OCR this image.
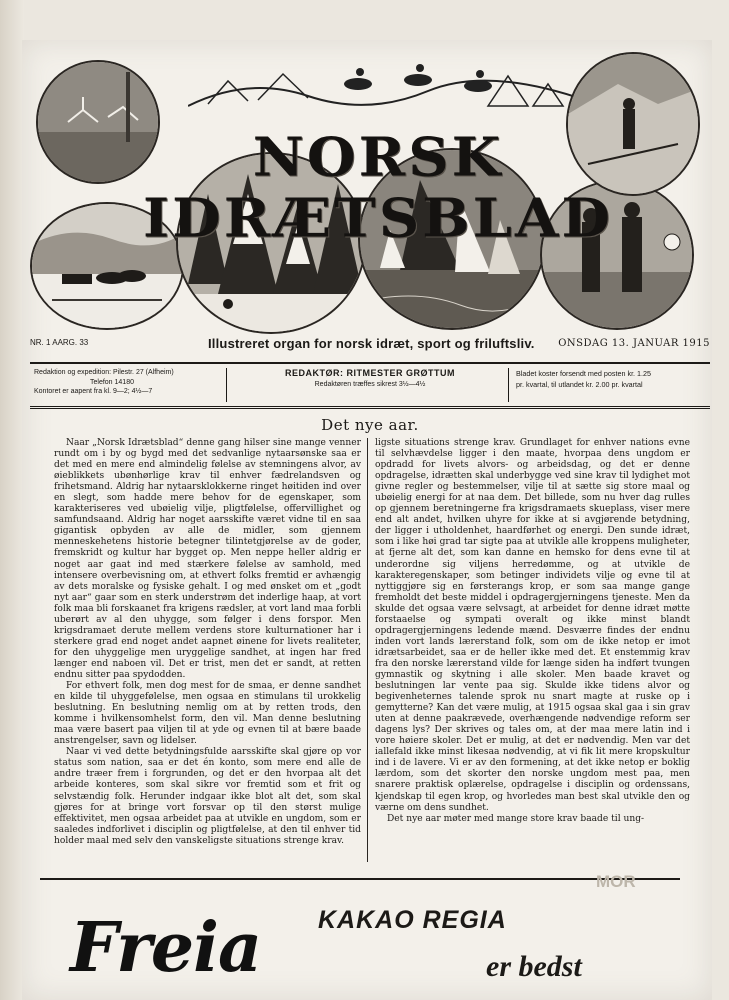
NORSK IDRÆTSBLAD
NR. 1 AARG. 33	Illustreret organ for norsk idræt, sport og friluftsliv. ONSDAG 13. JANUAR 1915
Redaktion og expedition: Pilestr. 27 (Alfheim)
Telefon 14180
Kontoret er aapent fra kl. 9—2; 4½—7
REDAKTØR: RITMESTER GRØTTUM
Redaktøren træffes sikrest 3½—4½
Bladet koster forsendt med posten kr. 1.25
pr. kvartal, til utlandet kr. 2.00 pr. kvartal
Det nye aar.

Naar „Norsk Idrætsblad“ denne gang hilser sine mange venner rundt om i by og bygd med det sedvanlige nytaarsønske saa er det med en mere end almindelig følelse av stemningens alvor, av øieblikkets ubønhørlige krav til enhver fædrelandsven og frihetsmand. Aldrig har nytaarsklokkerne ringet høitiden ind over en slegt, som hadde mere behov for de egenskaper, som karakteriseres ved ubøielig vilje, pligtfølelse, offervillighet og samfundsaand. Aldrig har noget aarsskifte været vidne til en saa gigantisk opbyden av alle de midler, som gjennem menneskehetens historie betegner tilintetgjørelse av de goder, fremskridt og kultur har bygget op. Men neppe heller aldrig er noget aar gaat ind med stærkere følelse av samhold, med intensere overbevisning om, at ethvert folks fremtid er avhængig av dets moralske og fysiske gehalt. I og med ønsket om et „godt nyt aar“ gaar som en sterk understrøm det inderlige haap, at vort folk maa bli forskaanet fra krigens rædsler, at vort land maa forbli uberørt av al den uhygge, som følger i dens forspor. Men krigsdramaet derute mellem verdens store kulturnationer har i sterkere grad end noget andet aapnet øinene for livets realiteter, for den uhyggelige men uryggelige sandhet, at ingen har fred længer end naboen vil. Det er trist, men det er sandt, at retten endnu sitter paa spydodden.

For ethvert folk, men dog mest for de smaa, er denne sandhet en kilde til uhyggefølelse, men ogsaa en stimulans til urokkelig beslutning. En beslutning nemlig om at by retten trods, den komme i hvilkensomhelst form, den vil. Man denne beslutning maa være basert paa viljen til at yde og evnen til at bære baade anstrengelser, savn og lidelser.

Naar vi ved dette betydningsfulde aarsskifte skal gjøre op vor status som nation, saa er det én konto, som mere end alle de andre træer frem i forgrunden, og det er den hvorpaa alt det arbeide konteres, som skal sikre vor fremtid som et frit og selvstændig folk. Herunder indgaar ikke blot alt det, som skal gjøres for at bringe vort forsvar op til den størst mulige effektivitet, men ogsaa arbeidet paa at utvikle en ungdom, som er saaledes indforlivet i disciplin og pligtfølelse, at den til enhver tid holder maal med selv den vanskeligste situations strenge krav.

ligste situations strenge krav. Grundlaget for enhver nations evne til selvhævdelse ligger i den maate, hvorpaa dens ungdom er opdradd for livets alvors- og arbeidsdag, og det er denne opdragelse, idrætten skal underbygge ved sine krav til lydighet mot givne regler og bestemmelser, vilje til at sætte sig store maal og ubøielig energi for at naa dem. Det billede, som nu hver dag rulles op gjennem beretningerne fra krigsdramaets skueplass, viser mere end alt andet, hvilken uhyre for ikke at si avgjørende betydning, der ligger i utholdenhet, haardførhet og energi. Den sunde idræt, som i like høi grad tar sigte paa at utvikle alle kroppens muligheter, at fjerne alt det, som kan danne en hemsko for dens evne til at underordne sig viljens herredømme, og at utvikle de karakteregenskaper, som betinger individets vilje og evne til at nyttiggjøre sig en førsterangs krop, er som saa mange gange fremholdt det beste middel i opdragergjerningens tjeneste. Men da skulde det ogsaa være selvsagt, at arbeidet for denne idræt møtte forstaaelse og sympati overalt og ikke minst blandt opdragergjerningens ledende mænd. Desværre findes der endnu inden vort lands lærerstand folk, som om de ikke netop er imot idrætsarbeidet, saa er de heller ikke med det. Et enstemmig krav fra den norske lærerstand vilde for længe siden ha indført tvungen gymnastik og skytning i alle skoler. Men baade kravet og beslutningen lar vente paa sig. Skulde ikke tidens alvor og begivenheternes talende sprok nu snart magte at ruske op i gemytterne? Kan det være mulig, at 1915 ogsaa skal gaa i sin grav uten at denne paakrævede, overhængende nødvendige reform ser dagens lys? Der skrives og tales om, at der maa mere latin ind i vore høiere skoler. Det er mulig, at det er nødvendig. Men var det iallefald ikke minst likesaa nødvendig, at vi fik lit mere kropskultur ind i de lavere. Vi er av den formening, at det ikke netop er boklig lærdom, som det skorter den norske ungdom mest paa, men snarere praktisk oplærelse, opdragelse i disciplin og ordenssans, kjendskap til egen krop, og hvorledes man best skal utvikle den og værne om dens sundhet.

Det nye aar møter med mange store krav baade til ung-

MOR
Freia KAKAO REGIA
er bedst
